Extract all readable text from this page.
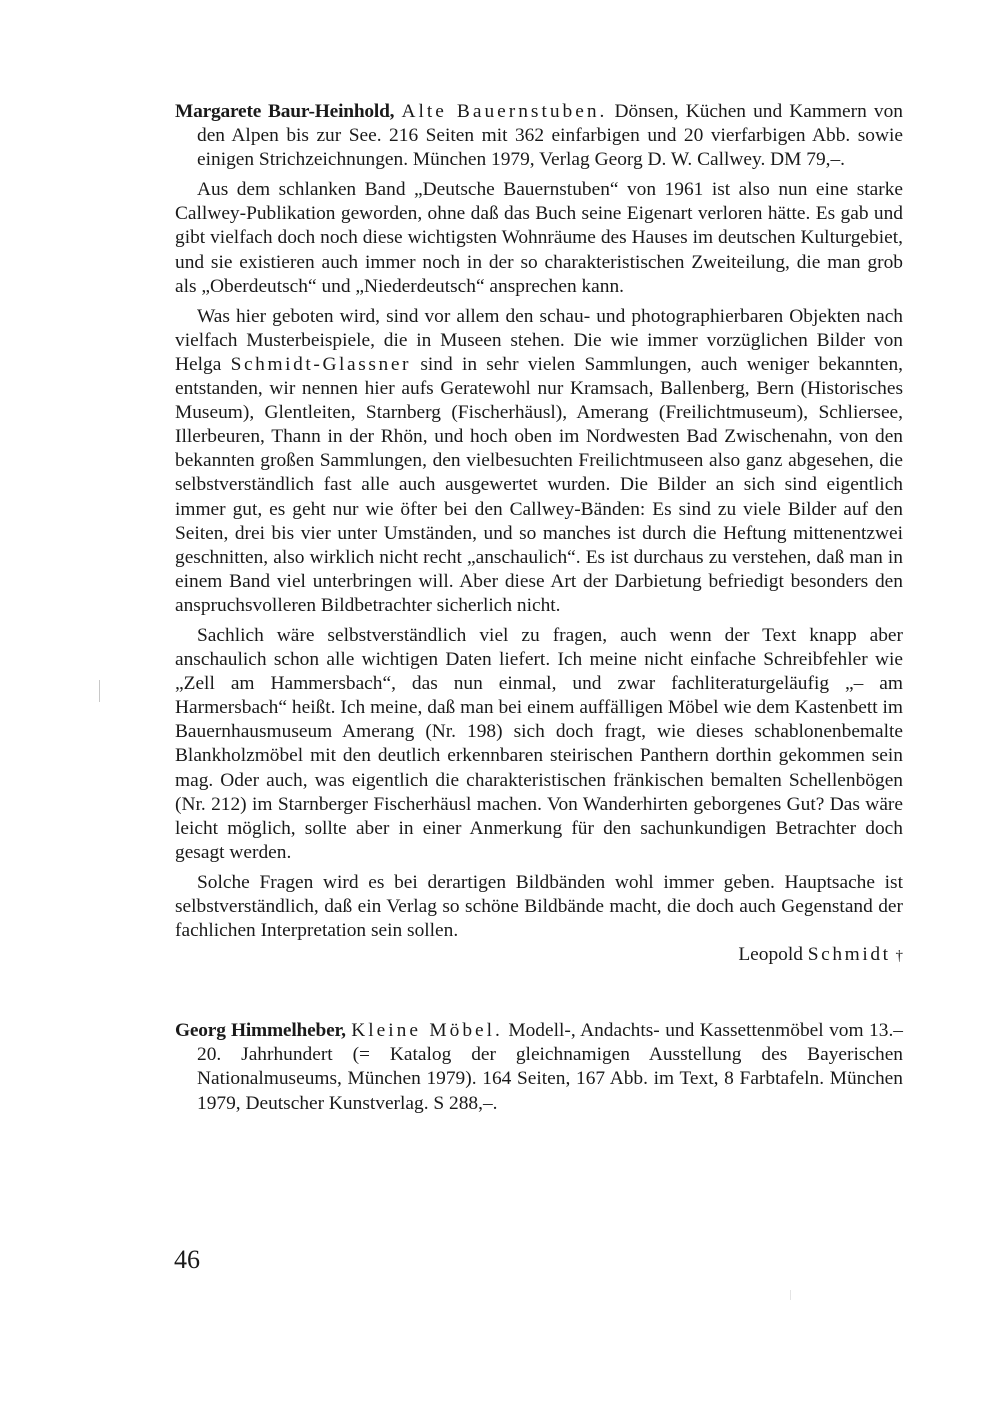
Margarete Baur-Heinhold, Alte Bauernstuben. Dönsen, Küchen und Kammern von den Alpen bis zur See. 216 Seiten mit 362 einfarbigen und 20 vierfarbigen Abb. sowie einigen Strichzeichnungen. München 1979, Verlag Georg D. W. Callwey. DM 79,–.

Aus dem schlanken Band „Deutsche Bauernstuben“ von 1961 ist also nun eine starke Callwey-Publikation geworden, ohne daß das Buch seine Eigenart verloren hätte. Es gab und gibt vielfach doch noch diese wichtigsten Wohnräume des Hauses im deutschen Kulturgebiet, und sie existieren auch immer noch in der so charakteristischen Zweiteilung, die man grob als „Oberdeutsch“ und „Niederdeutsch“ ansprechen kann.

Was hier geboten wird, sind vor allem den schau- und photographierbaren Objekten nach vielfach Musterbeispiele, die in Museen stehen. Die wie immer vorzüglichen Bilder von Helga Schmidt-Glassner sind in sehr vielen Sammlungen, auch weniger bekannten, entstanden, wir nennen hier aufs Geratewohl nur Kramsach, Ballenberg, Bern (Historisches Museum), Glentleiten, Starnberg (Fischerhäusl), Amerang (Freilichtmuseum), Schliersee, Illerbeuren, Thann in der Rhön, und hoch oben im Nordwesten Bad Zwischenahn, von den bekannten großen Sammlungen, den vielbesuchten Freilichtmuseen also ganz abgesehen, die selbstverständlich fast alle auch ausgewertet wurden. Die Bilder an sich sind eigentlich immer gut, es geht nur wie öfter bei den Callwey-Bänden: Es sind zu viele Bilder auf den Seiten, drei bis vier unter Umständen, und so manches ist durch die Heftung mittenentzwei geschnitten, also wirklich nicht recht „anschaulich“. Es ist durchaus zu verstehen, daß man in einem Band viel unterbringen will. Aber diese Art der Darbietung befriedigt besonders den anspruchsvolleren Bildbetrachter sicherlich nicht.

Sachlich wäre selbstverständlich viel zu fragen, auch wenn der Text knapp aber anschaulich schon alle wichtigen Daten liefert. Ich meine nicht einfache Schreibfehler wie „Zell am Hammersbach“, das nun einmal, und zwar fachliteraturgeläufig „– am Harmersbach“ heißt. Ich meine, daß man bei einem auffälligen Möbel wie dem Kastenbett im Bauernhausmuseum Amerang (Nr. 198) sich doch fragt, wie dieses schablonenbemalte Blankholzmöbel mit den deutlich erkennbaren steirischen Panthern dorthin gekommen sein mag. Oder auch, was eigentlich die charakteristischen fränkischen bemalten Schellenbögen (Nr. 212) im Starnberger Fischerhäusl machen. Von Wanderhirten geborgenes Gut? Das wäre leicht möglich, sollte aber in einer Anmerkung für den sachunkundigen Betrachter doch gesagt werden.

Solche Fragen wird es bei derartigen Bildbänden wohl immer geben. Hauptsache ist selbstverständlich, daß ein Verlag so schöne Bildbände macht, die doch auch Gegenstand der fachlichen Interpretation sein sollen.

Leopold Schmidt †

Georg Himmelheber, Kleine Möbel. Modell-, Andachts- und Kassettenmöbel vom 13.–20. Jahrhundert (= Katalog der gleichnamigen Ausstellung des Bayerischen Nationalmuseums, München 1979). 164 Seiten, 167 Abb. im Text, 8 Farbtafeln. München 1979, Deutscher Kunstverlag. S 288,–.

46
